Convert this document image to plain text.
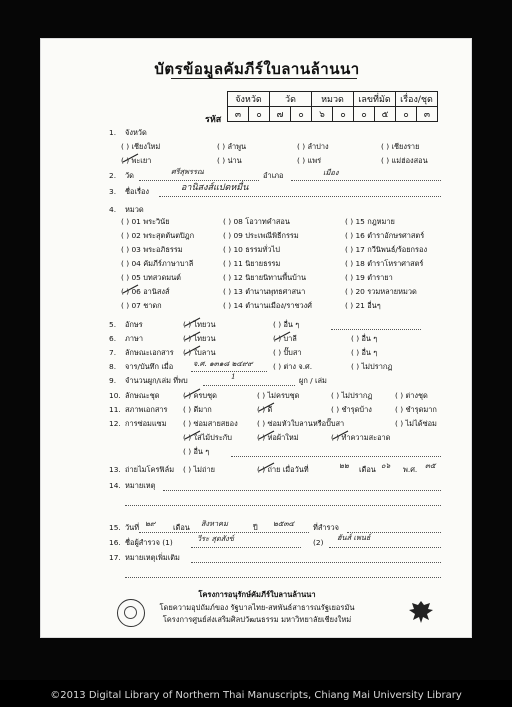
บัตรข้อมูลคัมภีร์ใบลานล้านนา
รหัส
จังหวัด		วัด		หมวด		เลขที่มัด		เรื่อง/ชุด	
๓	๐	๗	๐	๖	๐	๐	๕	๐	๓
1. จังหวัด
( ) เชียงใหม่	( ) ลำพูน	( ) ลำปาง	( ) เชียงราย
( ) พะเยา	( ) น่าน	( ) แพร่	( ) แม่ฮ่องสอน
2. วัด	ศรีสุพรรณ	อำเภอ	เมือง
3. ชื่อเรื่อง	อานิสงส์แปดหมื่น
4. หมวด
( ) 01 พระวินัย	( ) 08 โอวาทคำสอน	( ) 15 กฎหมาย
( ) 02 พระสุตตันตปิฎก	( ) 09 ประเพณีพิธีกรรม	( ) 16 ตำราอักษรศาสตร์
( ) 03 พระอภิธรรม	( ) 10 ธรรมทั่วไป	( ) 17 กวีนิพนธ์/ร้อยกรอง
( ) 04 คัมภีร์ภาษาบาลี	( ) 11 นิยายธรรม	( ) 18 ตำราโหราศาสตร์
( ) 05 บทสวดมนต์	( ) 12 นิยายนิทานพื้นบ้าน	( ) 19 ตำรายา
( ) 06 อานิสงส์	( ) 13 ตำนานพุทธศาสนา	( ) 20 รวมหลายหมวด
( ) 07 ชาดก	( ) 14 ตำนานเมือง/ราชวงศ์	( ) 21 อื่นๆ
5. อักษร	( ) ไทยวน	( ) อื่น ๆ
6. ภาษา	( ) ไทยวน	( ) บาลี	( ) อื่น ๆ
7. ลักษณะเอกสาร ( ) ใบลาน	( ) ปั๊บสา	( ) อื่น ๆ
8. จาร/บันทึก เมื่อ	จ.ศ. ๑๓๑๘ ๒๔๙๙	( ) ต่าง จ.ศ.	( ) ไม่ปรากฏ
9. จำนวนผูก/เล่ม ที่พบ	1	ผูก / เล่ม
10. ลักษณะชุด	( ) ครบชุด	( ) ไม่ครบชุด	( ) ไม่ปรากฏ	( ) ต่างชุด
11. สภาพเอกสาร ( ) ดีมาก	( ) ดี	( ) ชำรุดบ้าง	( ) ชำรุดมาก
12. การซ่อมแซม ( ) ซ่อมสายสยอง	( ) ซ่อมหัวใบลานหรือปั๊บสา	( ) ไม่ได้ซ่อม
( ) ใส่ไม้ประกับ	( ) ห่อผ้าใหม่	( ) ทำความสะอาด
( ) อื่น ๆ
13. ถ่ายไมโครฟิล์ม ( ) ไม่ถ่าย	( ) ถ่าย เมื่อวันที่	๒๒ เดือน ๐๖ พ.ศ. ๓๕
14. หมายเหตุ
15. วันที่ ๒๙ เดือน สิงหาคม	ปี ๒๕๓๔	ที่สำรวจ
16. ชื่อผู้สำรวจ (1)	วีระ สุดสังข์	(2)
ฮันส์ เพนธ์
17. หมายเหตุเพิ่มเติม
โครงการอนุรักษ์คัมภีร์ใบลานล้านนา
โดยความอุปถัมภ์ของ รัฐบาลไทย-สหพันธ์สาธารณรัฐเยอรมัน
โครงการศูนย์ส่งเสริมศิลปวัฒนธรรม มหาวิทยาลัยเชียงใหม่
©2013 Digital Library of Northern Thai Manuscripts, Chiang Mai University Library
